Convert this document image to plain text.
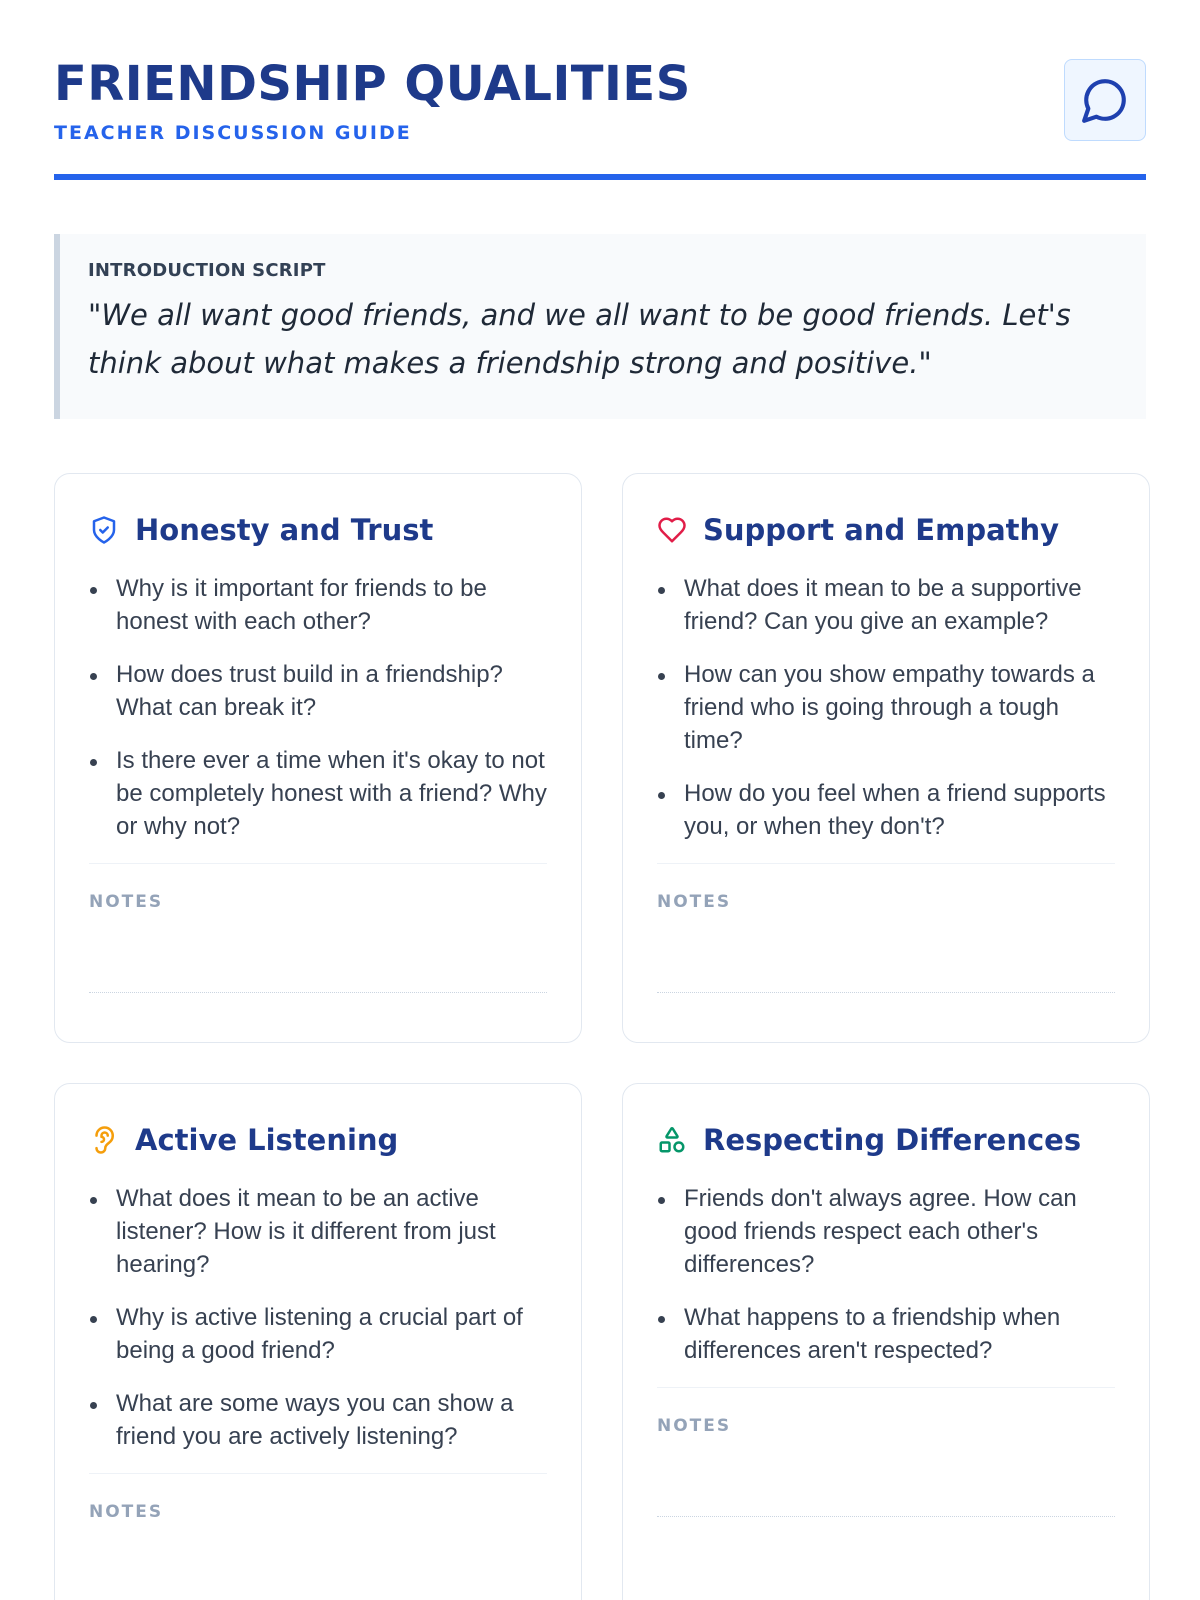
FRIENDSHIP QUALITIES
TEACHER DISCUSSION GUIDE
INTRODUCTION SCRIPT
"We all want good friends, and we all want to be good friends. Let's think about what makes a friendship strong and positive."
Honesty and Trust
Why is it important for friends to be honest with each other?
How does trust build in a friendship? What can break it?
Is there ever a time when it's okay to not be completely honest with a friend? Why or why not?
NOTES
Support and Empathy
What does it mean to be a supportive friend? Can you give an example?
How can you show empathy towards a friend who is going through a tough time?
How do you feel when a friend supports you, or when they don't?
NOTES
Active Listening
What does it mean to be an active listener? How is it different from just hearing?
Why is active listening a crucial part of being a good friend?
What are some ways you can show a friend you are actively listening?
NOTES
Respecting Differences
Friends don't always agree. How can good friends respect each other's differences?
What happens to a friendship when differences aren't respected?
NOTES
